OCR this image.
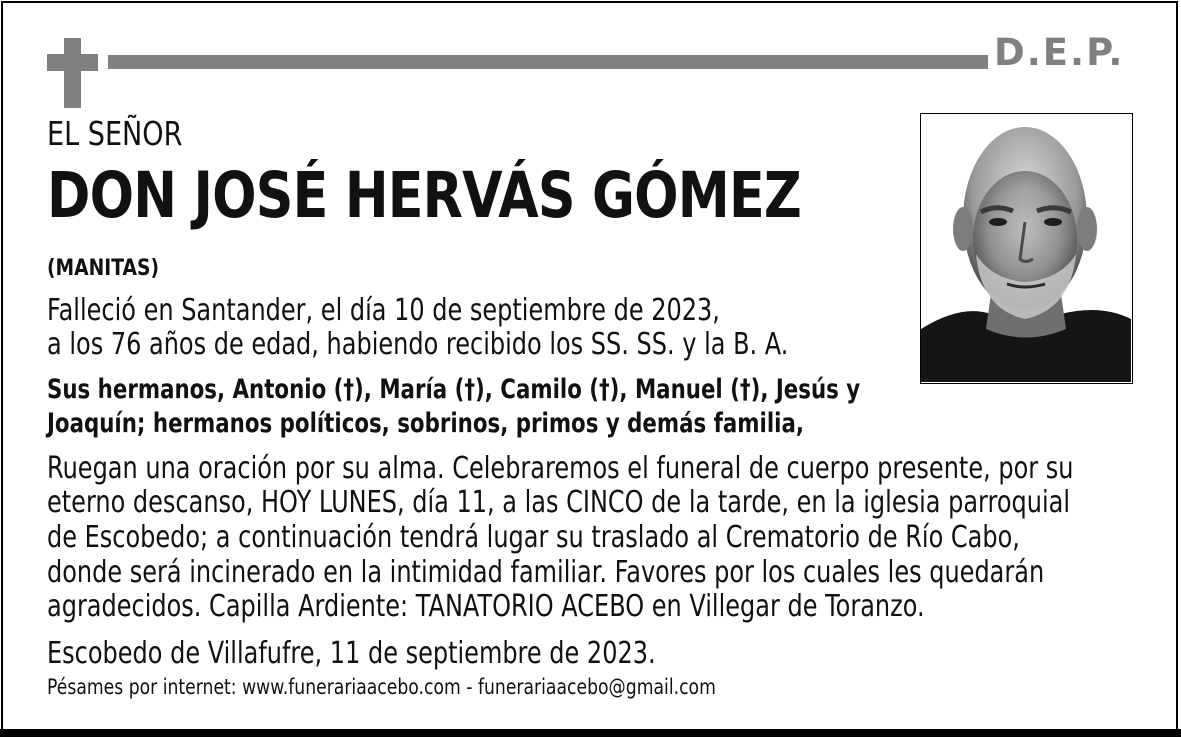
D.E.P.
EL SEÑOR
DON JOSÉ HERVÁS GÓMEZ
(MANITAS)
Falleció en Santander, el día 10 de septiembre de 2023,
a los 76 años de edad, habiendo recibido los SS. SS. y la B. A.
Sus hermanos, Antonio (†), María (†), Camilo (†), Manuel (†), Jesús y
Joaquín; hermanos políticos, sobrinos, primos y demás familia,
Ruegan una oración por su alma. Celebraremos el funeral de cuerpo presente, por su
eterno descanso, HOY LUNES, día 11, a las CINCO de la tarde, en la iglesia parroquial
de Escobedo; a continuación tendrá lugar su traslado al Crematorio de Río Cabo,
donde será incinerado en la intimidad familiar. Favores por los cuales les quedarán
agradecidos. Capilla Ardiente: TANATORIO ACEBO en Villegar de Toranzo.
Escobedo de Villafufre, 11 de septiembre de 2023.
Pésames por internet: www.funerariaacebo.com - funerariaacebo@gmail.com
